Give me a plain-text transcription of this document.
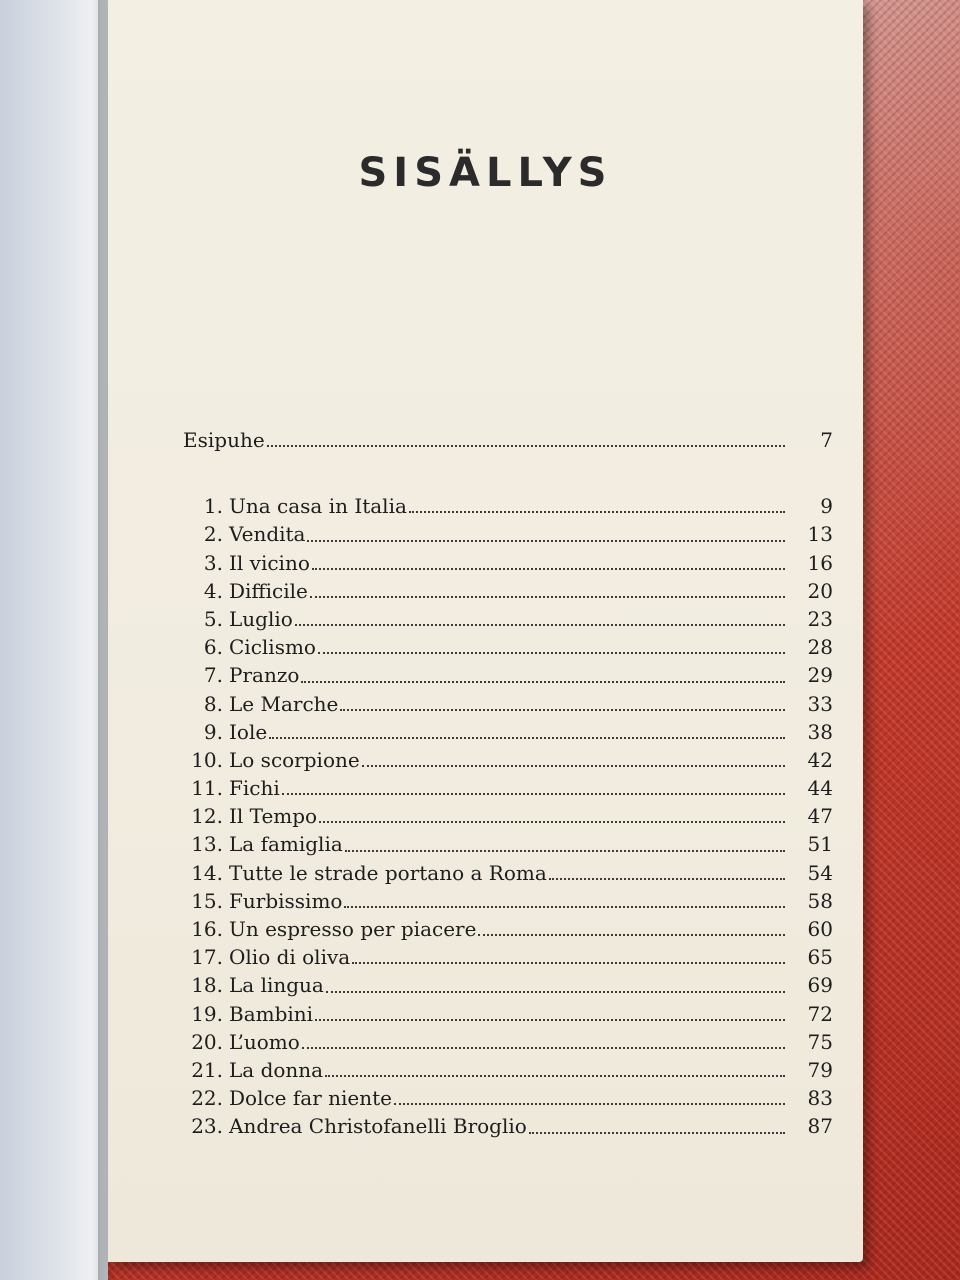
SISÄLLYS
Esipuhe	7
1. Una casa in Italia	9
2. Vendita	13
3. Il vicino	16
4. Difficile	20
5. Luglio	23
6. Ciclismo	28
7. Pranzo	29
8. Le Marche	33
9. Iole	38
10. Lo scorpione	42
11. Fichi	44
12. Il Tempo	47
13. La famiglia	51
14. Tutte le strade portano a Roma	54
15. Furbissimo	58
16. Un espresso per piacere	60
17. Olio di oliva	65
18. La lingua	69
19. Bambini	72
20. L’uomo	75
21. La donna	79
22. Dolce far niente	83
23. Andrea Christofanelli Broglio	87
